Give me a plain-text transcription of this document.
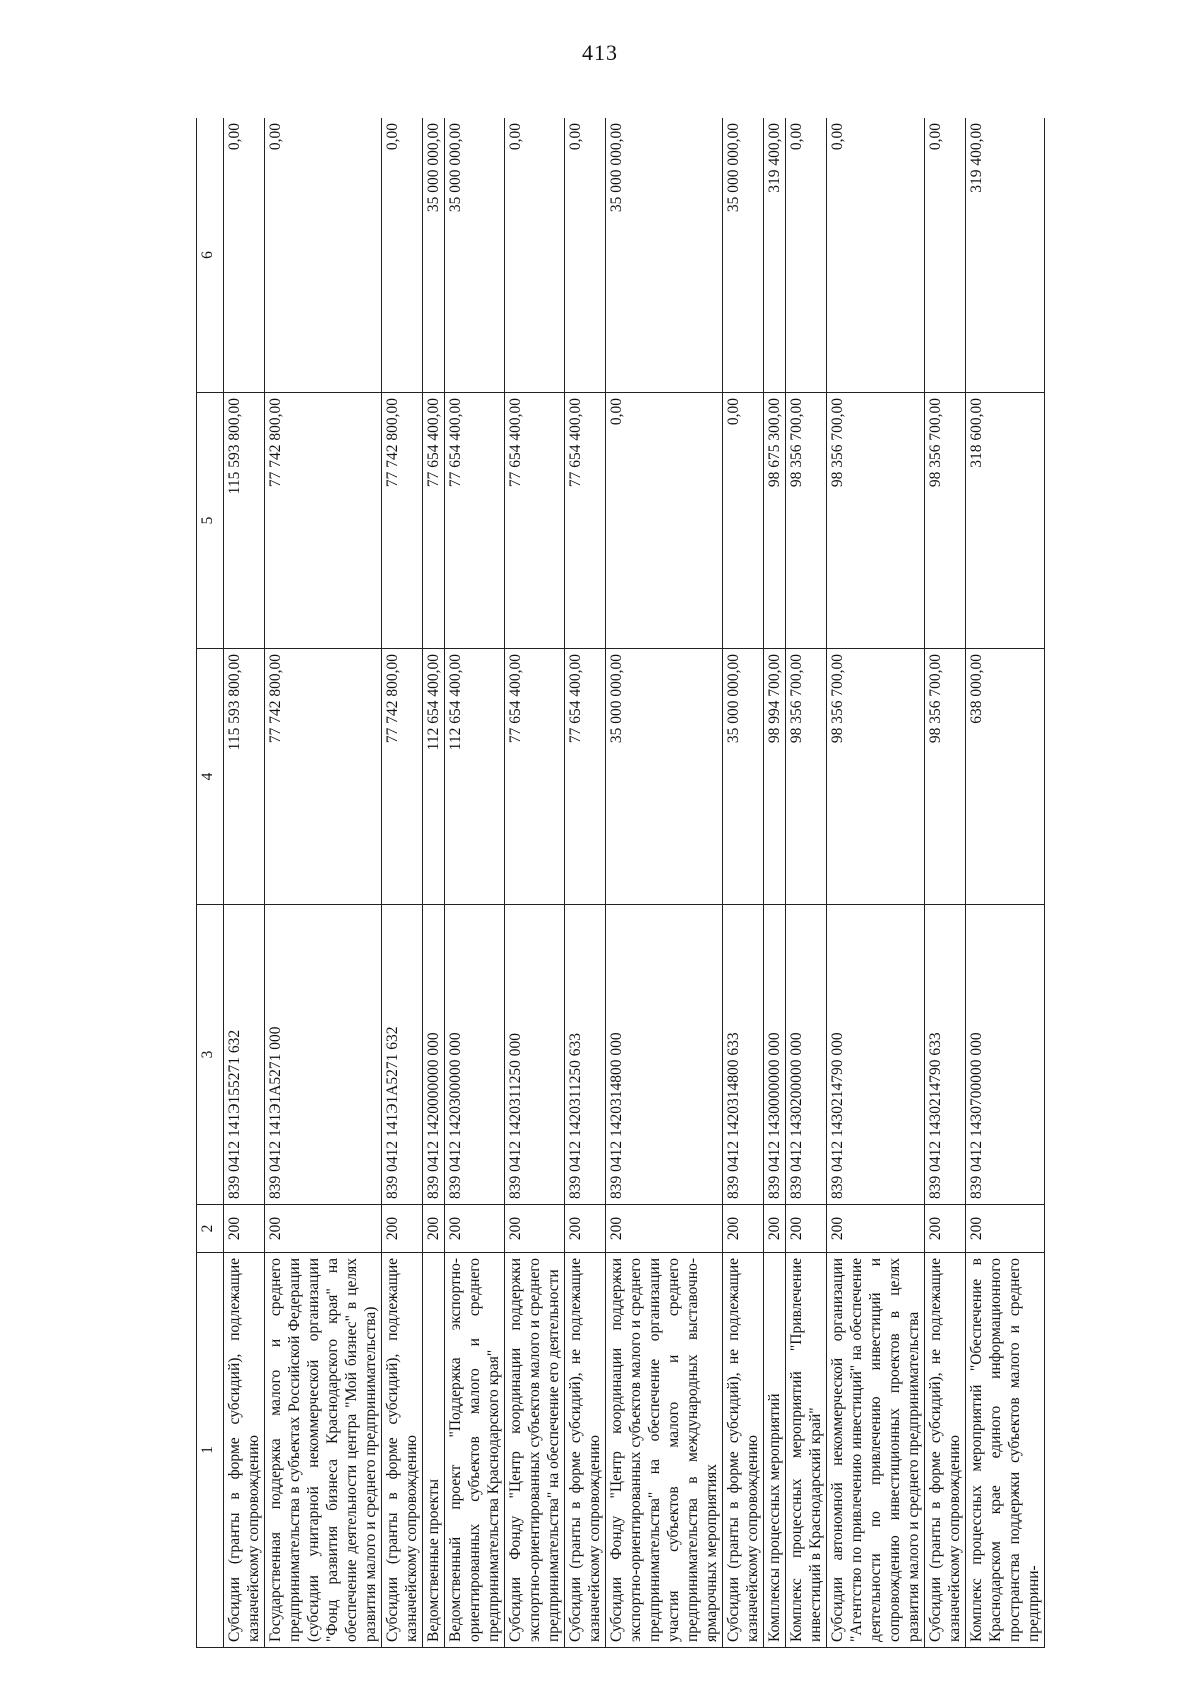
413
1	2	3	4	5	6
Субсидии (гранты в форме субсидий), подлежащие казначейскому сопровождению	200	839 0412 141Э155271 632	115 593 800,00	115 593 800,00	0,00
Государственная поддержка малого и среднего предпринимательства в субъектах Российской Федерации (субсидии унитарной некоммерческой организации "Фонд развития бизнеса Краснодарского края" на обеспечение деятельности центра "Мой бизнес" в целях развития малого и среднего предпринимательства)	200	839 0412 141Э1А5271 000	77 742 800,00	77 742 800,00	0,00
Субсидии (гранты в форме субсидий), подлежащие казначейскому сопровождению	200	839 0412 141Э1А5271 632	77 742 800,00	77 742 800,00	0,00
Ведомственные проекты	200	839 0412 1420000000 000	112 654 400,00	77 654 400,00	35 000 000,00
Ведомственный проект "Поддержка экспортно-ориентированных субъектов малого и среднего предпринимательства Краснодарского края"	200	839 0412 1420300000 000	112 654 400,00	77 654 400,00	35 000 000,00
Субсидии Фонду "Центр координации поддержки экспортно-ориентированных субъектов малого и среднего предпринимательства" на обеспечение его деятельности	200	839 0412 1420311250 000	77 654 400,00	77 654 400,00	0,00
Субсидии (гранты в форме субсидий), не подлежащие казначейскому сопровождению	200	839 0412 1420311250 633	77 654 400,00	77 654 400,00	0,00
Субсидии Фонду "Центр координации поддержки экспортно-ориентированных субъектов малого и среднего предпринимательства" на обеспечение организации участия субъектов малого и среднего предпринимательства в международных выставочно-ярмарочных мероприятиях	200	839 0412 1420314800 000	35 000 000,00	0,00	35 000 000,00
Субсидии (гранты в форме субсидий), не подлежащие казначейскому сопровождению	200	839 0412 1420314800 633	35 000 000,00	0,00	35 000 000,00
Комплексы процессных мероприятий	200	839 0412 1430000000 000	98 994 700,00	98 675 300,00	319 400,00
Комплекс процессных мероприятий "Привлечение инвестиций в Краснодарский край"	200	839 0412 1430200000 000	98 356 700,00	98 356 700,00	0,00
Субсидии автономной некоммерческой организации "Агентство по привлечению инвестиций" на обеспечение деятельности по привлечению инвестиций и сопровождению инвестиционных проектов в целях развития малого и среднего предпринимательства	200	839 0412 1430214790 000	98 356 700,00	98 356 700,00	0,00
Субсидии (гранты в форме субсидий), не подлежащие казначейскому сопровождению	200	839 0412 1430214790 633	98 356 700,00	98 356 700,00	0,00
Комплекс процессных мероприятий "Обеспечение в Краснодарском крае единого информационного пространства поддержки субъектов малого и среднего предприни-	200	839 0412 1430700000 000	638 000,00	318 600,00	319 400,00
